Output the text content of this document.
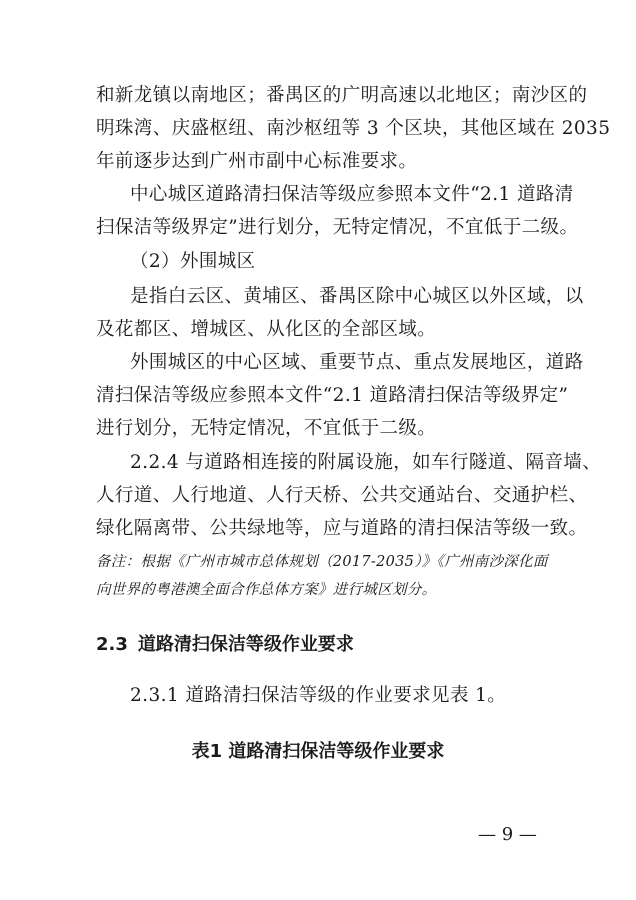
和新龙镇以南地区；番禺区的广明高速以北地区；南沙区的
明珠湾、庆盛枢纽、南沙枢纽等 3 个区块，其他区域在 2035
年前逐步达到广州市副中心标准要求。
中心城区道路清扫保洁等级应参照本文件“2.1 道路清
扫保洁等级界定”进行划分，无特定情况，不宜低于二级。
（2）外围城区
是指白云区、黄埔区、番禺区除中心城区以外区域，以
及花都区、增城区、从化区的全部区域。
外围城区的中心区域、重要节点、重点发展地区，道路
清扫保洁等级应参照本文件“2.1 道路清扫保洁等级界定”
进行划分，无特定情况，不宜低于二级。
2.2.4 与道路相连接的附属设施，如车行隧道、隔音墙、
人行道、人行地道、人行天桥、公共交通站台、交通护栏、
绿化隔离带、公共绿地等，应与道路的清扫保洁等级一致。
备注：根据《广州市城市总体规划（2017-2035）》《广州南沙深化面
向世界的粤港澳全面合作总体方案》进行城区划分。
2.3 道路清扫保洁等级作业要求
2.3.1 道路清扫保洁等级的作业要求见表 1。
表1 道路清扫保洁等级作业要求
— 9 —
